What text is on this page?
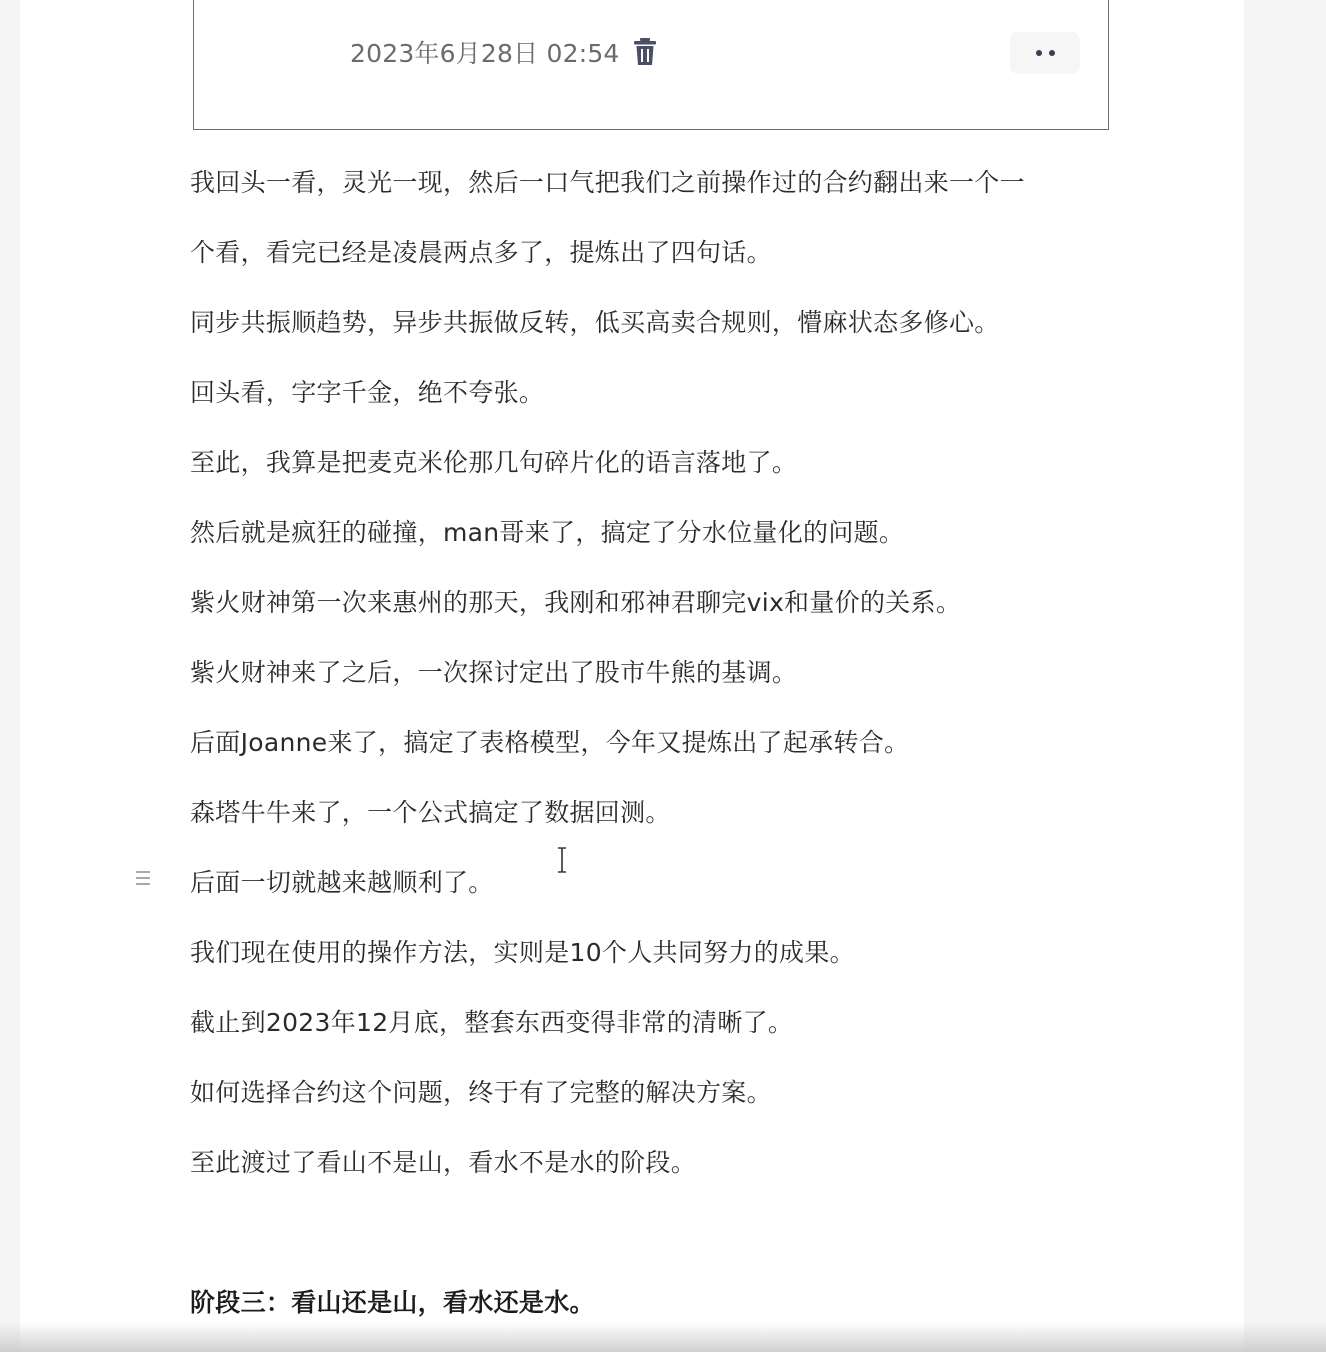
2023年6月28日 02:54
我回头一看，灵光一现，然后一口气把我们之前操作过的合约翻出来一个一
个看，看完已经是凌晨两点多了，提炼出了四句话。
同步共振顺趋势，异步共振做反转，低买高卖合规则，懵麻状态多修心。
回头看，字字千金，绝不夸张。
至此，我算是把麦克米伦那几句碎片化的语言落地了。
然后就是疯狂的碰撞，man哥来了，搞定了分水位量化的问题。
紫火财神第一次来惠州的那天，我刚和邪神君聊完vix和量价的关系。
紫火财神来了之后，一次探讨定出了股市牛熊的基调。
后面Joanne来了，搞定了表格模型，今年又提炼出了起承转合。
森塔牛牛来了，一个公式搞定了数据回测。
后面一切就越来越顺利了。
我们现在使用的操作方法，实则是10个人共同努力的成果。
截止到2023年12月底，整套东西变得非常的清晰了。
如何选择合约这个问题，终于有了完整的解决方案。
至此渡过了看山不是山，看水不是水的阶段。
阶段三：看山还是山，看水还是水。
